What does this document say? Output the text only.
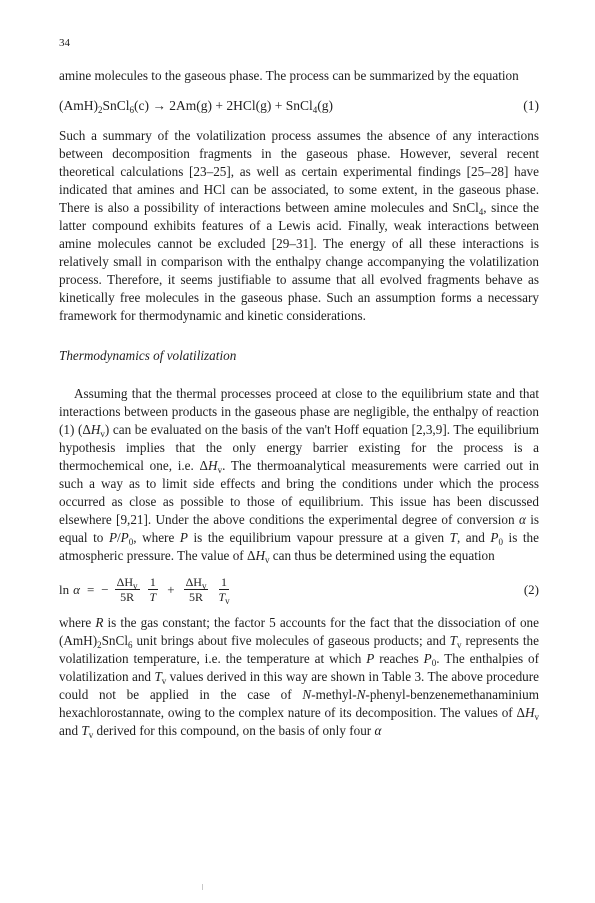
34

amine molecules to the gaseous phase. The process can be summarized by the equation

$(AmH)_2SnCl_6(c) \to 2Am(g) + 2HCl(g)$ + SnCl$_4$(g)	(1)

Such a summary of the volatilization process assumes the absence of any interactions between decomposition fragments in the gaseous phase. However, several recent theoretical calculations [23–25], as well as certain experimental findings [25–28] have indicated that amines and HCl can be associated, to some extent, in the gaseous phase. There is also a possibility of interactions between amine molecules and SnCl$_4$, since the latter compound exhibits features of a Lewis acid. Finally, weak interactions between amine molecules cannot be excluded [29–31]. The energy of all these interactions is relatively small in comparison with the enthalpy change accompanying the volatilization process. Therefore, it seems justifiable to assume that all evolved fragments behave as kinetically free molecules in the gaseous phase. Such an assumption forms a necessary framework for thermodynamic and kinetic considerations.

Thermodynamics of volatilization

Assuming that the thermal processes proceed at close to the equilibrium state and that interactions between products in the gaseous phase are negligible, the enthalpy of reaction (1) $(\Delta H_v)$ can be evaluated on the basis of the van't Hoff equation [2,3,9]. The equilibrium hypothesis implies that the only energy barrier existing for the process is a thermochemical one, i.e. $\Delta H_v$. The thermoanalytical measurements were carried out in such a way as to limit side effects and bring the conditions under which the process occurred as close as possible to those of equilibrium. This issue has been discussed elsewhere [9,21]. Under the above conditions the experimental degree of conversion α is equal to $P/P_0$, where P is the equilibrium vapour pressure at a given T, and $P_0$ is the atmospheric pressure. The value of $\Delta H_v$ can thus be determined using the equation

ln α = − $\frac{\Delta H_v}{5R} \frac{1}{T} + \frac{\Delta H_v}{5R} \frac{1}{T_v}$	(2)

where R is the gas constant; the factor 5 accounts for the fact that the dissociation of one $(AmH)_2SnCl_6$ unit brings about five molecules of gaseous products; and $T_v$ represents the volatilization temperature, i.e. the temperature at which P reaches $P_0$. The enthalpies of volatilization and $T_v$ values derived in this way are shown in Table 3. The above procedure could not be applied in the case of N-methyl-N-phenyl-benzenemethanaminium hexachlorostannate, owing to the complex nature of its decomposition. The values of $\Delta H_v$ and $T_v$ derived for this compound, on the basis of only four α
